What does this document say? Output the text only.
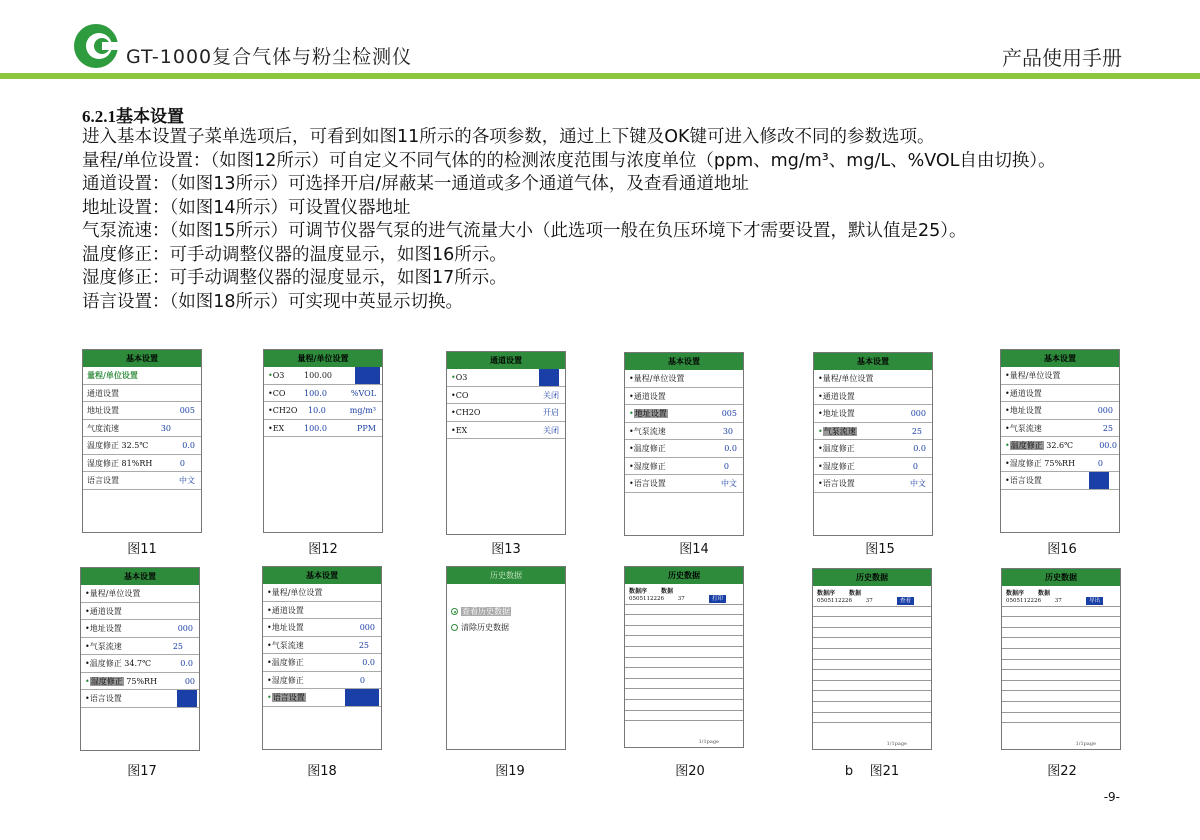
GT-1000复合气体与粉尘检测仪	产品使用手册
6.2.1基本设置
进入基本设置子菜单选项后，可看到如图11所示的各项参数，通过上下键及OK键可进入修改不同的参数选项。
量程/单位设置：（如图12所示）可自定义不同气体的的检测浓度范围与浓度单位（ppm、mg/m³、mg/L、%VOL自由切换）。
通道设置：（如图13所示）可选择开启/屏蔽某一通道或多个通道气体，及查看通道地址
地址设置：（如图14所示）可设置仪器地址
气泵流速：（如图15所示）可调节仪器气泵的进气流量大小（此选项一般在负压环境下才需要设置，默认值是25）。
温度修正：可手动调整仪器的温度显示，如图16所示。
湿度修正：可手动调整仪器的湿度显示，如图17所示。
语言设置：（如图18所示）可实现中英显示切换。
基本设置
量程/单位设置
通道设置
地址设置	005
气度流速	30
温度修正 32.5℃	0.0
湿度修正 81%RH	0
语言设置	中文
图11
量程/单位设置
•O3 100.00	mg/L
•CO 100.0	%VOL
•CH2O 10.0	mg/m³
•EX 100.0	PPM
图12
通道设置
•O3	开启
•CO	关闭
•CH2O	开启
•EX	关闭
图13
基本设置
•量程/单位设置
•通道设置
•地址设置	005
•气泵流速	30
•温度修正	0.0
•湿度修正	0
•语言设置	中文
图14
基本设置
•量程/单位设置
•通道设置
•地址设置	000
•气泵流速	25
•温度修正	0.0
•湿度修正	0
•语言设置	中文
图15
基本设置
•量程/单位设置
•通道设置
•地址设置	000
•气泵流速	25
•温度修正 32.6℃	00.0
•湿度修正 75%RH	0
•语言设置	中文
图16
基本设置
•量程/单位设置
•通道设置
•地址设置	000
•气泵流速	25
•温度修正 34.7℃	0.0
•湿度修正 75%RH	00
•语言设置	中文
图17
基本设置
•量程/单位设置
•通道设置
•地址设置	000
•气泵流速	25
•温度修正	0.0
•湿度修正	0
•语言设置	English
图18
历史数据
查看历史数据
清除历史数据
图19
历史数据
数据序 数据
0505112226	37	打印
1/1page
图20
历史数据
数据序 数据
0505112226	37	查看
1/1page
b 图21
历史数据
数据序 数据
0505112226	37	导出
1/1page
图22
-9-
